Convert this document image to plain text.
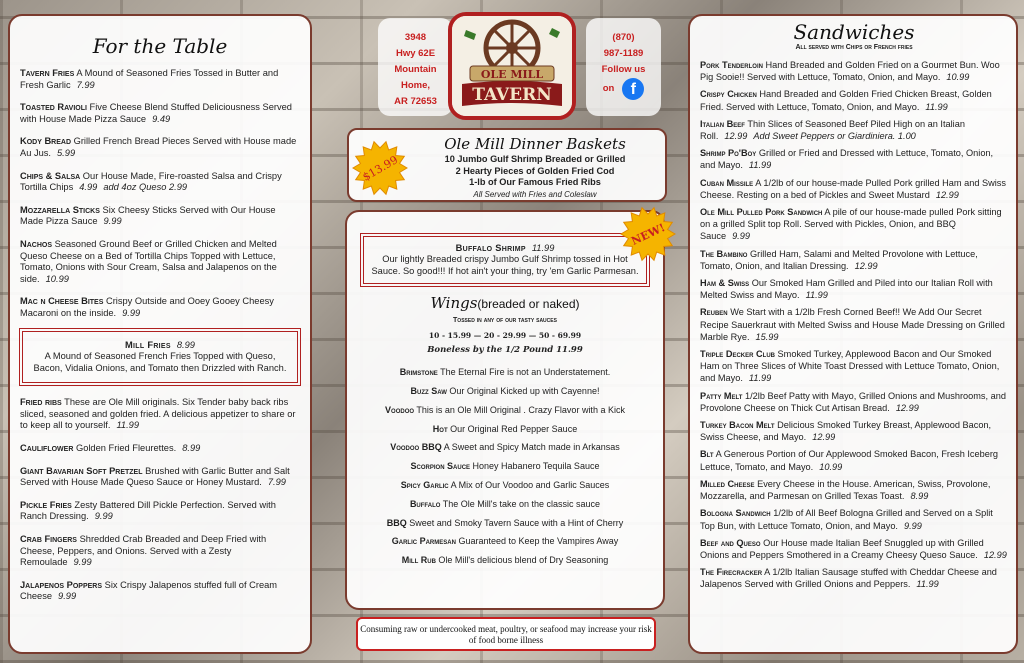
For the Table
Tavern Fries A Mound of Seasoned Fries Tossed in Butter and Fresh Garlic 7.99
Toasted Ravioli Five Cheese Blend Stuffed Deliciousness Served with House Made Pizza Sauce 9.49
Kody Bread Grilled French Bread Pieces Served with House made Au Jus. 5.99
Chips & Salsa Our House Made, Fire-roasted Salsa and Crispy Tortilla Chips 4.99 add 4oz Queso 2.99
Mozzarella Sticks Six Cheesy Sticks Served with Our House Made Pizza Sauce 9.99
Nachos Seasoned Ground Beef or Grilled Chicken and Melted Queso Cheese on a Bed of Tortilla Chips Topped with Lettuce, Tomato, Onions with Sour Cream, Salsa and Jalapenos on the side. 10.99
Mac n Cheese Bites Crispy Outside and Ooey Gooey Cheesy Macaroni on the inside. 9.99
Mill Fries 8.99
A Mound of Seasoned French Fries Topped with Queso, Bacon, Vidalia Onions, and Tomato then Drizzled with Ranch.
Fried ribs These are Ole Mill originals. Six Tender baby back ribs sliced, seasoned and golden fried. A delicious appetizer to share or to keep all to yourself. 11.99
Cauliflower Golden Fried Fleurettes. 8.99
Giant Bavarian Soft Pretzel Brushed with Garlic Butter and Salt Served with House Made Queso Sauce or Honey Mustard. 7.99
Pickle Fries Zesty Battered Dill Pickle Perfection. Served with Ranch Dressing. 9.99
Crab Fingers Shredded Crab Breaded and Deep Fried with Cheese, Peppers, and Onions. Served with a Zesty Remoulade 9.99
Jalapenos Poppers Six Crispy Jalapenos stuffed full of Cream Cheese 9.99
3948
Hwy 62E
Mountain
Home,
AR 72653
OLE MILL
TAVERN
(870)
987-1189
Follow us
on	f
Ole Mill Dinner Baskets
10 Jumbo Gulf Shrimp Breaded or Grilled
2 Hearty Pieces of Golden Fried Cod
1-lb of Our Famous Fried Ribs
All Served with Fries and Coleslaw
$13.99
Buffalo Shrimp 11.99
Our lightly Breaded crispy Jumbo Gulf Shrimp tossed in Hot Sauce. So good!!! If hot ain't your thing, try 'em Garlic Parmesan.
Wings(breaded or naked)
Tossed in any of our tasty sauces
10 - 15.99 — 20 - 29.99 — 50 - 69.99
Boneless by the 1/2 Pound 11.99
Brimstone The Eternal Fire is not an Understatement.
Buzz Saw Our Original Kicked up with Cayenne!
Voodoo This is an Ole Mill Original . Crazy Flavor with a Kick
Hot Our Original Red Pepper Sauce
Voodoo BBQ A Sweet and Spicy Match made in Arkansas
Scorpion Sauce Honey Habanero Tequila Sauce
Spicy Garlic A Mix of Our Voodoo and Garlic Sauces
Buffalo The Ole Mill's take on the classic sauce
BBQ Sweet and Smoky Tavern Sauce with a Hint of Cherry
Garlic Parmesan Guaranteed to Keep the Vampires Away
Mill Rub Ole Mill's delicious blend of Dry Seasoning
NEW!
Consuming raw or undercooked meat, poultry, or seafood may increase your risk of food borne illness
Sandwiches
All served with Chips or French fries
Pork Tenderloin Hand Breaded and Golden Fried on a Gourmet Bun. Woo Pig Sooie!! Served with Lettuce, Tomato, Onion, and Mayo. 10.99
Crispy Chicken Hand Breaded and Golden Fried Chicken Breast, Golden Fried. Served with Lettuce, Tomato, Onion, and Mayo. 11.99
Italian Beef Thin Slices of Seasoned Beef Piled High on an Italian Roll. 12.99 Add Sweet Peppers or Giardiniera. 1.00
Shrimp Po'Boy Grilled or Fried and Dressed with Lettuce, Tomato, Onion, and Mayo. 11.99
Cuban Missile A 1/2lb of our house-made Pulled Pork grilled Ham and Swiss Cheese. Resting on a bed of Pickles and Sweet Mustard 12.99
Ole Mill Pulled Pork Sandwich A pile of our house-made pulled Pork sitting on a grilled Split top Roll. Served with Pickles, Onion, and BBQ Sauce 9.99
The Bambino Grilled Ham, Salami and Melted Provolone with Lettuce, Tomato, Onion, and Italian Dressing. 12.99
Ham & Swiss Our Smoked Ham Grilled and Piled into our Italian Roll with Melted Swiss and Mayo. 11.99
Reuben We Start with a 1/2lb Fresh Corned Beef!! We Add Our Secret Recipe Sauerkraut with Melted Swiss and House Made Dressing on Grilled Marble Rye. 15.99
Triple Decker Club Smoked Turkey, Applewood Bacon and Our Smoked Ham on Three Slices of White Toast Dressed with Lettuce Tomato, Onion, and Mayo. 11.99
Patty Melt 1/2lb Beef Patty with Mayo, Grilled Onions and Mushrooms, and Provolone Cheese on Thick Cut Artisan Bread. 12.99
Turkey Bacon Melt Delicious Smoked Turkey Breast, Applewood Bacon, Swiss Cheese, and Mayo. 12.99
Blt A Generous Portion of Our Applewood Smoked Bacon, Fresh Iceberg Lettuce, Tomato, and Mayo. 10.99
Milled Cheese Every Cheese in the House. American, Swiss, Provolone, Mozzarella, and Parmesan on Grilled Texas Toast. 8.99
Bologna Sandwich 1/2lb of All Beef Bologna Grilled and Served on a Split Top Bun, with Lettuce Tomato, Onion, and Mayo. 9.99
Beef and Queso Our House made Italian Beef Snuggled up with Grilled Onions and Peppers Smothered in a Creamy Cheesy Queso Sauce. 12.99
The Firecracker A 1/2lb Italian Sausage stuffed with Cheddar Cheese and Jalapenos Served with Grilled Onions and Peppers. 11.99
